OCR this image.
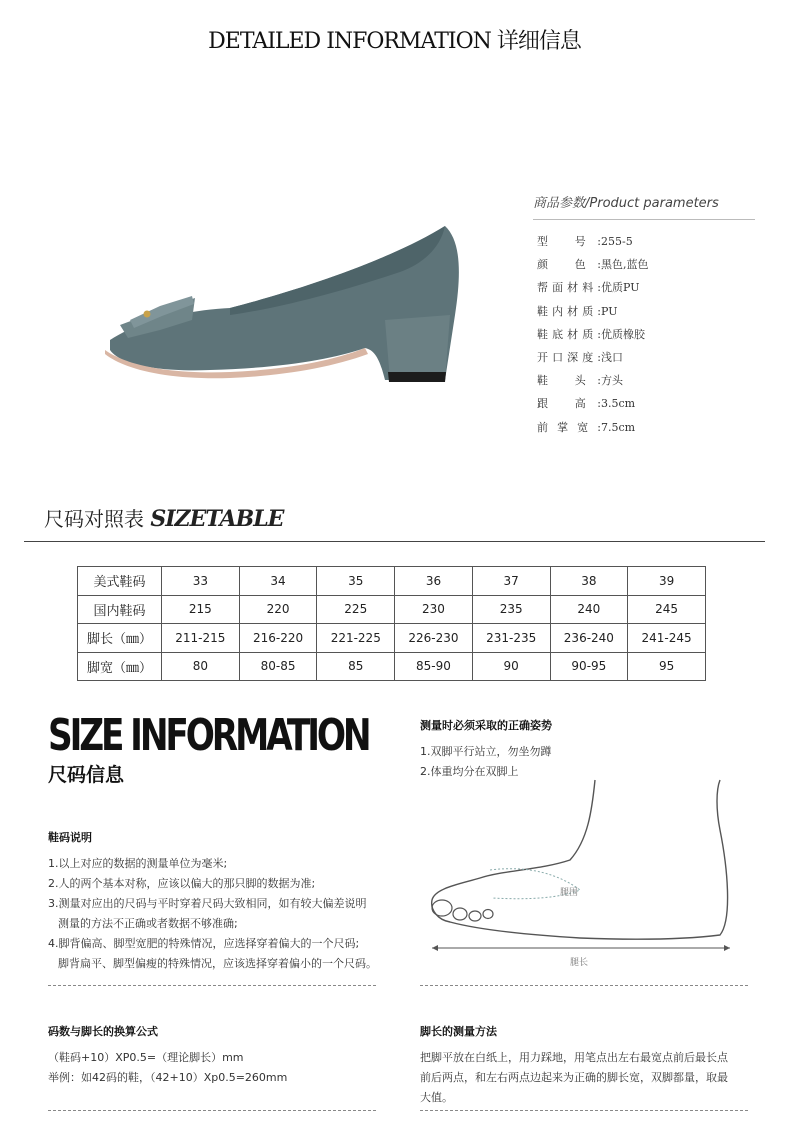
DETAILED INFORMATION 详细信息
商品参数/Product parameters
型 号:255-5
颜 色:黑色,蓝色
帮面材料:优质PU
鞋内材质:PU
鞋底材质:优质橡胶
开口深度:浅口
鞋 头:方头
跟 高:3.5cm
前掌宽:7.5cm
尺码对照表 SIZETABLE
美式鞋码	33	34	35	36	37	38	39
国内鞋码	215	220	225	230	235	240	245
脚长（㎜）	211-215	216-220	221-225	226-230	231-235	236-240	241-245
脚宽（㎜）	80	80-85	85	85-90	90	90-95	95
SIZE INFORMATION
尺码信息
测量时必须采取的正确姿势
1.双脚平行站立，勿坐勿蹲
2.体重均分在双脚上
腿围
腿长
鞋码说明
1.以上对应的数据的测量单位为毫米;
2.人的两个基本对称，应该以偏大的那只脚的数据为准;
3.测量对应出的尺码与平时穿着尺码大致相同，如有较大偏差说明
测量的方法不正确或者数据不够准确;
4.脚背偏高、脚型宽肥的特殊情况，应选择穿着偏大的一个尺码;
脚背扁平、脚型偏瘦的特殊情况，应该选择穿着偏小的一个尺码。
码数与脚长的换算公式
（鞋码+10）XP0.5=（理论脚长）mm
举例：如42码的鞋，（42+10）Xp0.5=260mm
脚长的测量方法
把脚平放在白纸上，用力踩地，用笔点出左右最宽点前后最长点
前后两点，和左右两点边起来为正确的脚长宽，双脚都量，取最
大值。
